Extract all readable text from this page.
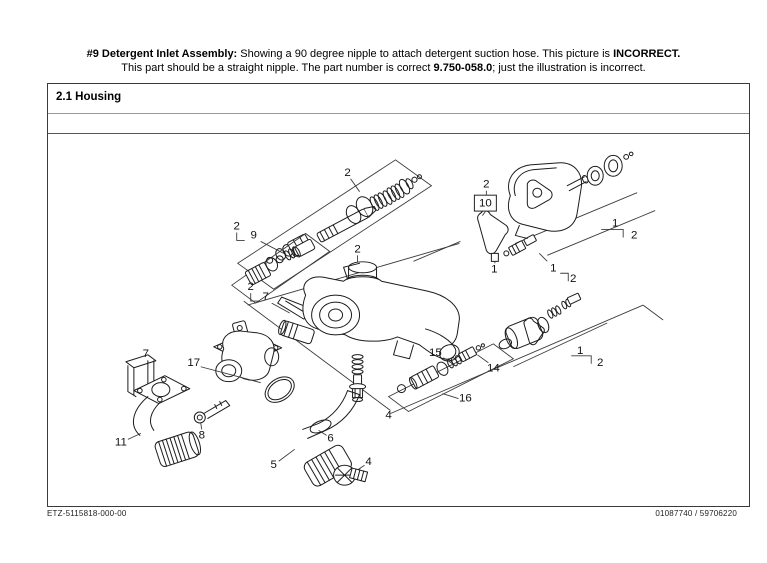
#9 Detergent Inlet Assembly: Showing a 90 degree nipple to attach detergent suction hose. This picture is INCORRECT.
This part should be a straight nipple. The part number is correct 9.750-058.0; just the illustration is incorrect.
2.1 Housing
2
2
9
2
7
2
2
10
1
1
2
1
2
1
2
15
14
16
7
17
8
11
5
6
4
4
ETZ-5115818-000-00	01087740 / 59706220
